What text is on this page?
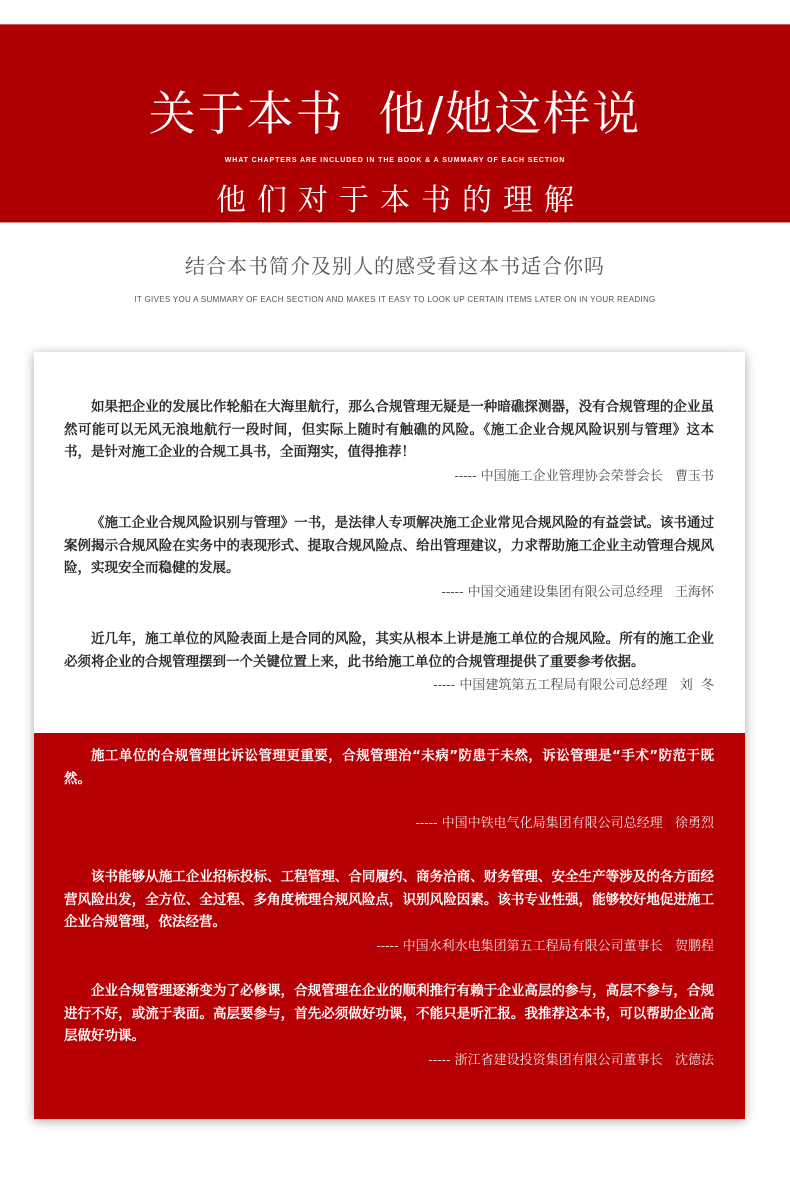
关于本书  他/她这样说
WHAT CHAPTERS ARE INCLUDED IN THE BOOK & A SUMMARY OF EACH SECTION
他们对于本书的理解
结合本书简介及别人的感受看这本书适合你吗
IT GIVES YOU A SUMMARY OF EACH SECTION AND MAKES IT EASY TO LOOK UP CERTAIN ITEMS LATER ON IN YOUR READING

如果把企业的发展比作轮船在大海里航行，那么合规管理无疑是一种暗礁探测器，没有合规管理的企业虽然可能可以无风无浪地航行一段时间，但实际上随时有触礁的风险。《施工企业合规风险识别与管理》这本书，是针对施工企业的合规工具书，全面翔实，值得推荐！

----- 中国施工企业管理协会荣誉会长   曹玉书

《施工企业合规风险识别与管理》一书，是法律人专项解决施工企业常见合规风险的有益尝试。该书通过案例揭示合规风险在实务中的表现形式、提取合规风险点、给出管理建议，力求帮助施工企业主动管理合规风险，实现安全而稳健的发展。

----- 中国交通建设集团有限公司总经理   王海怀

近几年，施工单位的风险表面上是合同的风险，其实从根本上讲是施工单位的合规风险。所有的施工企业必须将企业的合规管理摆到一个关键位置上来，此书给施工单位的合规管理提供了重要参考依据。

----- 中国建筑第五工程局有限公司总经理   刘  冬

施工单位的合规管理比诉讼管理更重要，合规管理治“未病”防患于未然，诉讼管理是“手术”防范于既然。

----- 中国中铁电气化局集团有限公司总经理   徐勇烈

该书能够从施工企业招标投标、工程管理、合同履约、商务洽商、财务管理、安全生产等涉及的各方面经营风险出发，全方位、全过程、多角度梳理合规风险点，识别风险因素。该书专业性强，能够较好地促进施工企业合规管理，依法经营。

----- 中国水利水电集团第五工程局有限公司董事长   贺鹏程

企业合规管理逐渐变为了必修课，合规管理在企业的顺利推行有赖于企业高层的参与，高层不参与，合规进行不好，或流于表面。高层要参与，首先必须做好功课，不能只是听汇报。我推荐这本书，可以帮助企业高层做好功课。

----- 浙江省建设投资集团有限公司董事长   沈德法
